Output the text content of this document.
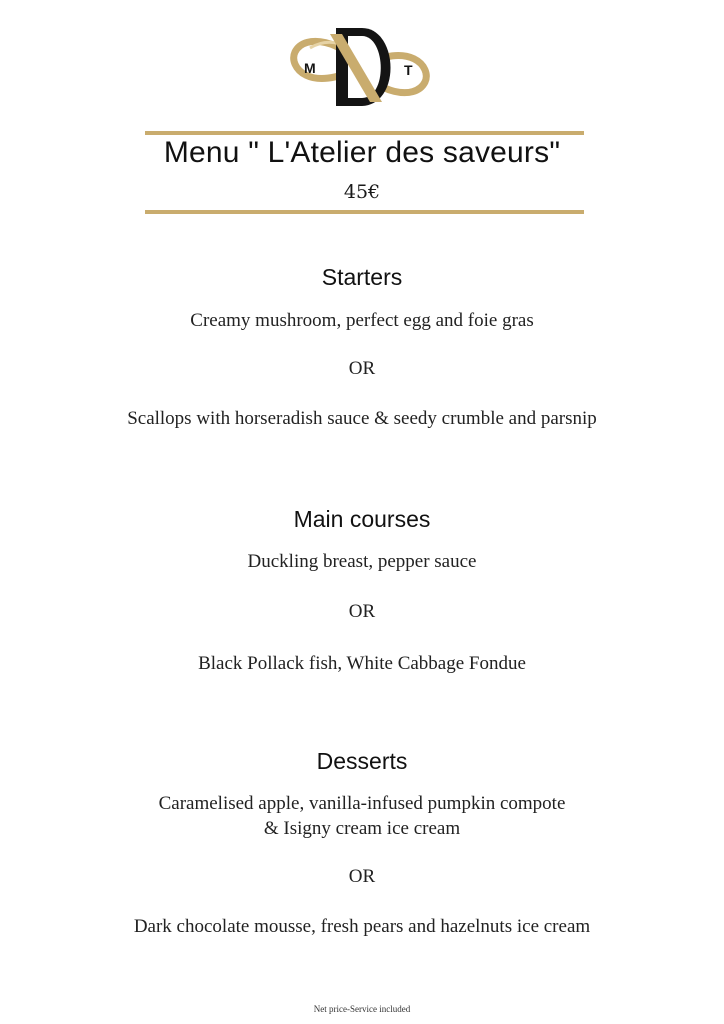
M	T
Menu " L'Atelier des saveurs"
45€
Starters
Creamy mushroom, perfect egg and foie gras
OR
Scallops with horseradish sauce & seedy crumble and parsnip
Main courses
Duckling breast, pepper sauce
OR
Black Pollack fish, White Cabbage Fondue
Desserts
Caramelised apple, vanilla-infused pumpkin compote
& Isigny cream ice cream
OR
Dark chocolate mousse, fresh pears and hazelnuts ice cream
Net price-Service included
